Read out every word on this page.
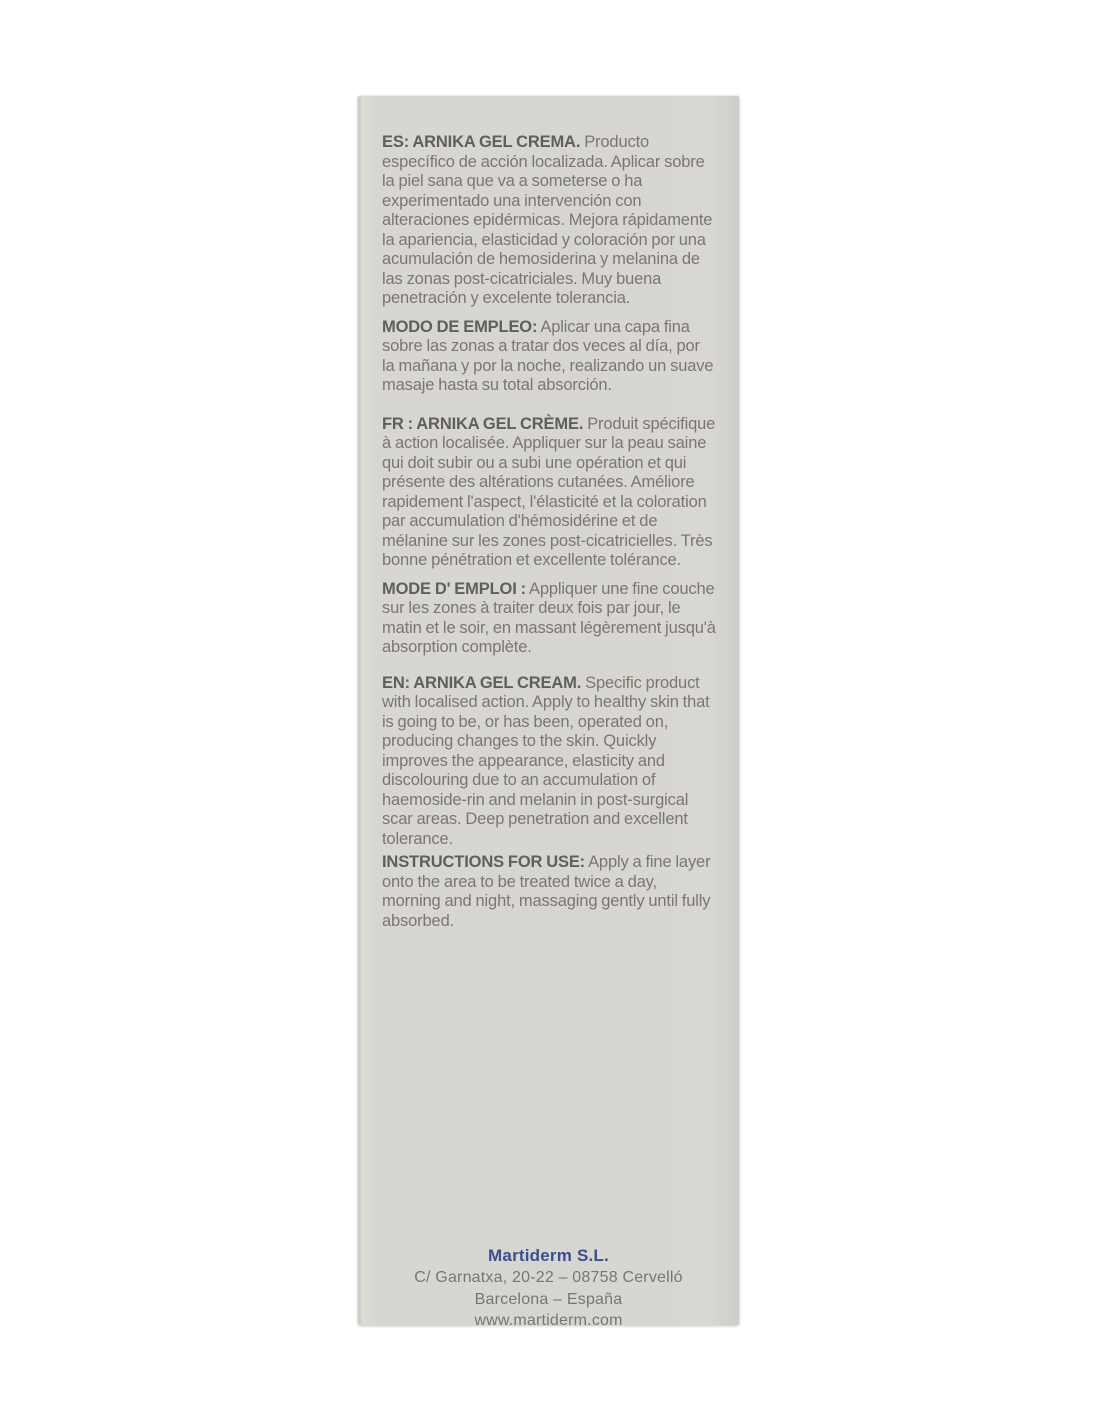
ES: ARNIKA GEL CREMA. Producto específico de acción localizada. Aplicar sobre la piel sana que va a someterse o ha experimentado una intervención con alteraciones epidérmicas. Mejora rápidamente la apariencia, elasticidad y coloración por una acumulación de hemosiderina y melanina de las zonas post-cicatriciales. Muy buena penetración y excelente tolerancia.

MODO DE EMPLEO: Aplicar una capa fina sobre las zonas a tratar dos veces al día, por la mañana y por la noche, realizando un suave masaje hasta su total absorción.

FR : ARNIKA GEL CRÈME. Produit spécifique à action localisée. Appliquer sur la peau saine qui doit subir ou a subi une opération et qui présente des altérations cutanées. Améliore rapidement l'aspect, l'élasticité et la coloration par accumulation d'hémosidérine et de mélanine sur les zones post-cicatricielles. Très bonne pénétration et excellente tolérance.

MODE D' EMPLOI : Appliquer une fine couche sur les zones à traiter deux fois par jour, le matin et le soir, en massant légèrement jusqu'à absorption complète.

EN: ARNIKA GEL CREAM. Specific product with localised action. Apply to healthy skin that is going to be, or has been, operated on, producing changes to the skin. Quickly improves the appearance, elasticity and discolouring due to an accumulation of haemoside-rin and melanin in post-surgical scar areas. Deep penetration and excellent tolerance.

INSTRUCTIONS FOR USE: Apply a fine layer onto the area to be treated twice a day, morning and night, massaging gently until fully absorbed.

Martiderm S.L.
C/ Garnatxa, 20-22 – 08758 Cervelló
Barcelona – España
www.martiderm.com
